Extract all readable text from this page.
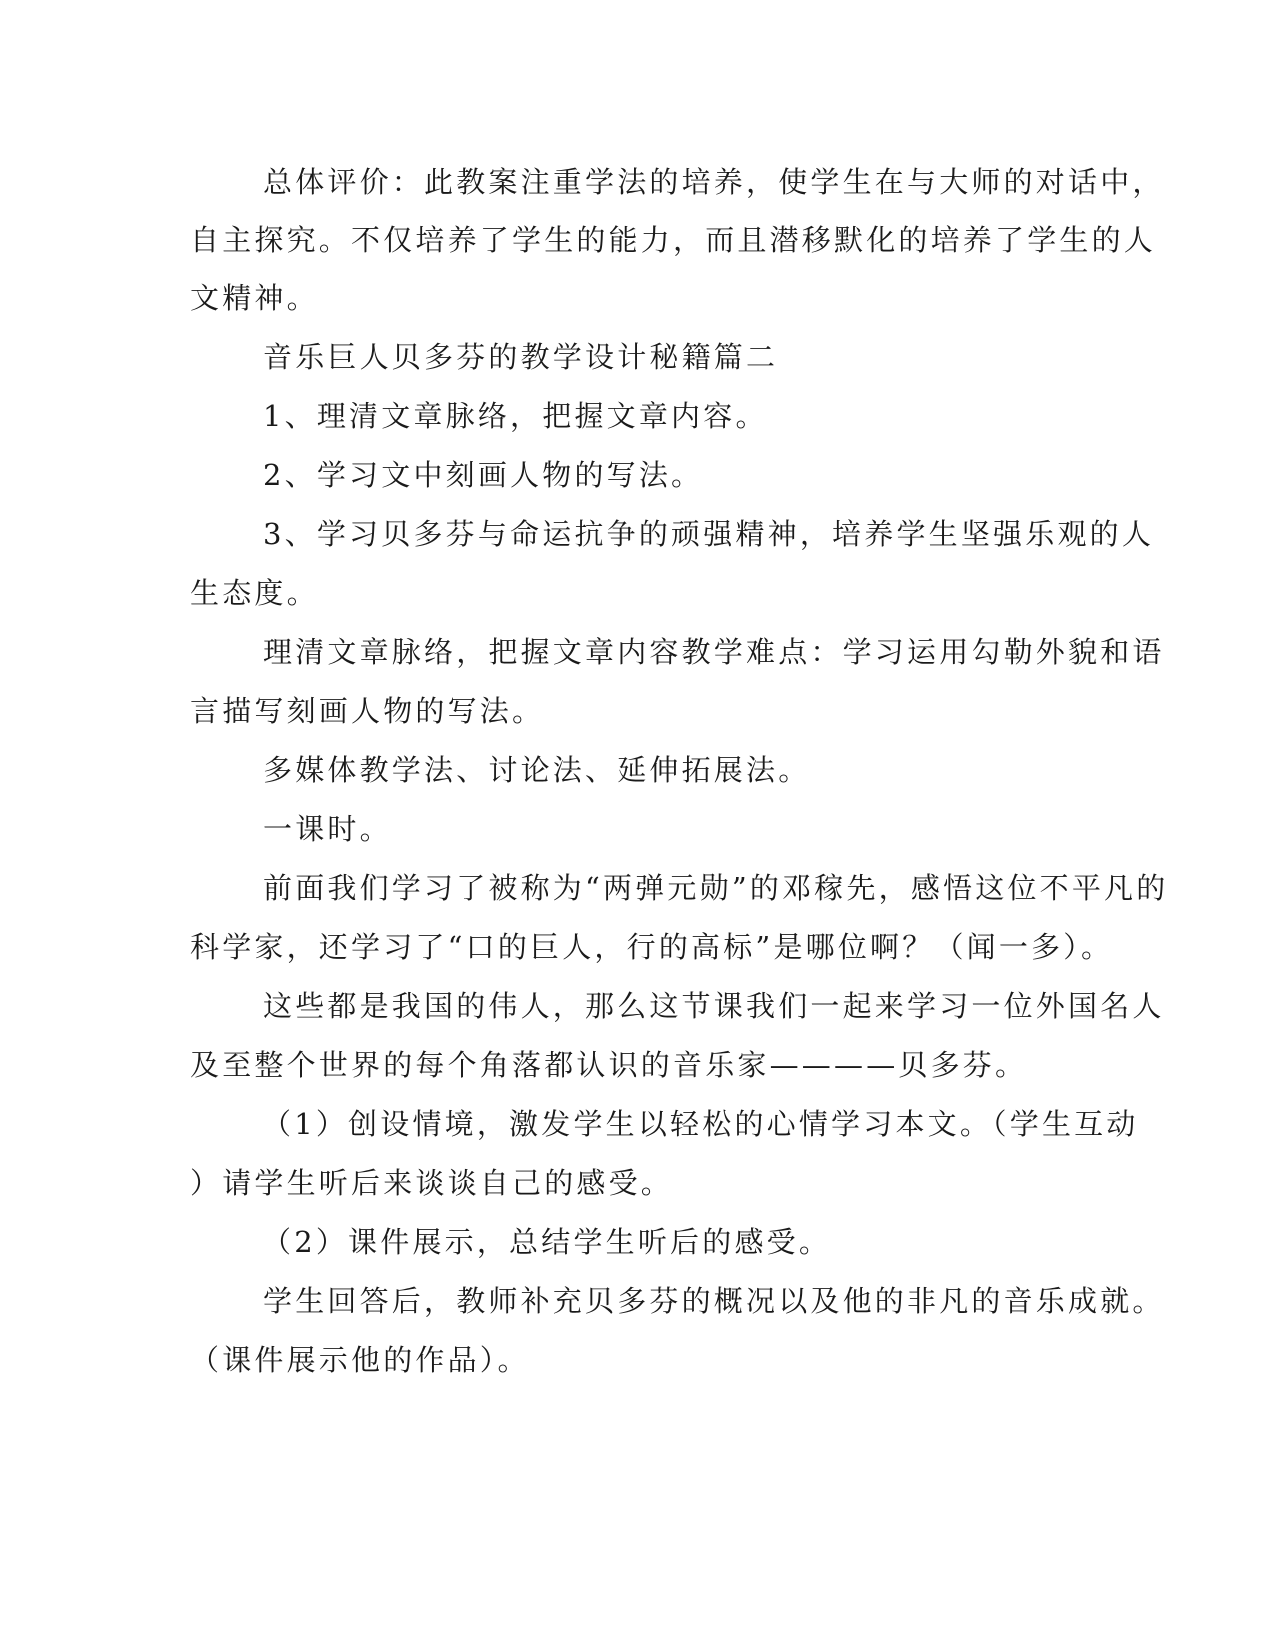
总体评价：此教案注重学法的培养，使学生在与大师的对话中，
自主探究。不仅培养了学生的能力，而且潜移默化的培养了学生的人
文精神。
音乐巨人贝多芬的教学设计秘籍篇二
1、理清文章脉络，把握文章内容。
2、学习文中刻画人物的写法。
3、学习贝多芬与命运抗争的顽强精神，培养学生坚强乐观的人
生态度。
理清文章脉络，把握文章内容教学难点：学习运用勾勒外貌和语
言描写刻画人物的写法。
多媒体教学法、讨论法、延伸拓展法。
一课时。
前面我们学习了被称为“两弹元勋”的邓稼先，感悟这位不平凡的
科学家，还学习了“口的巨人，行的高标”是哪位啊？（闻一多）。
这些都是我国的伟人，那么这节课我们一起来学习一位外国名人
及至整个世界的每个角落都认识的音乐家————贝多芬。
（1）创设情境，激发学生以轻松的心情学习本文。（学生互动
）请学生听后来谈谈自己的感受。
（2）课件展示，总结学生听后的感受。
学生回答后，教师补充贝多芬的概况以及他的非凡的音乐成就。
（课件展示他的作品）。
